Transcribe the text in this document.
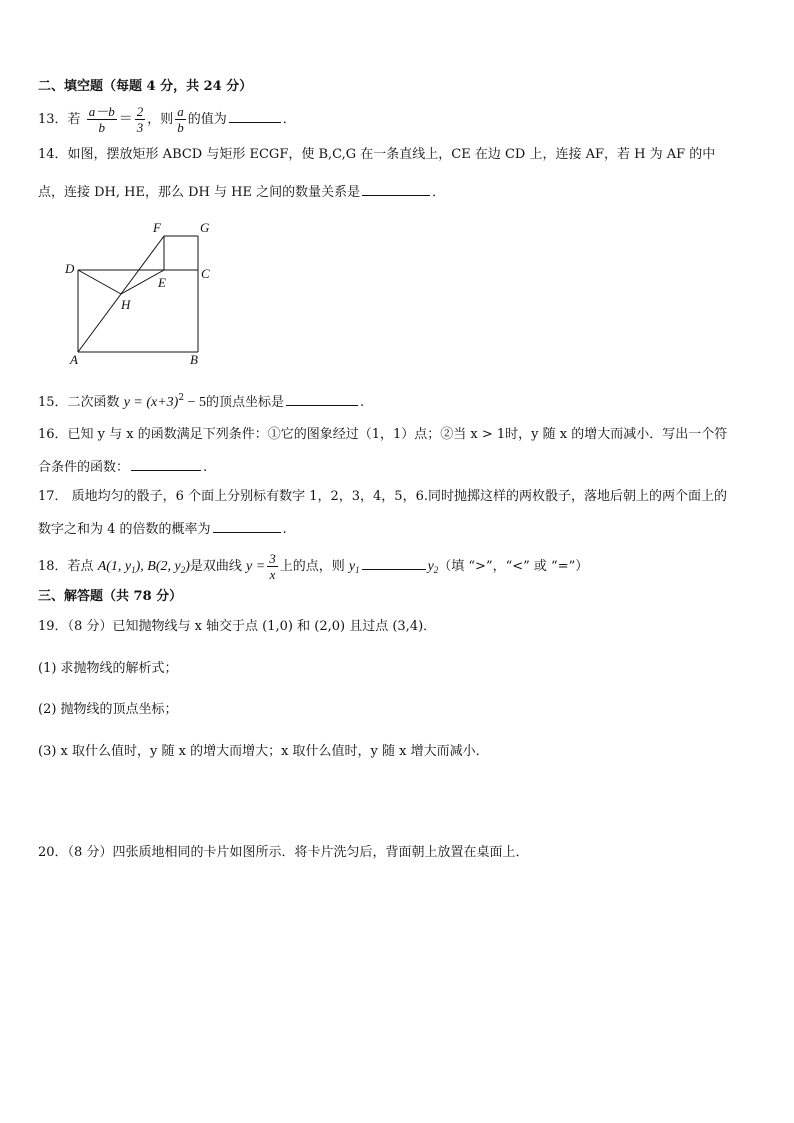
二、填空题（每题 4 分，共 24 分）
13．若 $\frac{a-b}{b} = \frac{2}{3}$ ，则 $\frac{a}{b}$ 的值为	．
14．如图，摆放矩形 ABCD 与矩形 ECGF，使 B,C,G 在一条直线上，CE 在边 CD 上，连接 AF，若 H 为 AF 的中
点，连接 DH, HE，那么 DH 与 HE 之间的数量关系是	．
F	G
D	C
E
H
A	B
15．二次函数 $y = (x+3)^2 - 5$的顶点坐标是	.
16．已知 y 与 x 的函数满足下列条件：①它的图象经过（1，1）点；②当 x > 1时，y 随 x 的增大而减小．写出一个符
合条件的函数：	.
17． 质地均匀的骰子，6 个面上分别标有数字 1，2，3，4，5，6.同时抛掷这样的两枚骰子，落地后朝上的两个面上的
数字之和为 4 的倍数的概率为	.
18．若点 A(1, $y_1$), B(2, $y_2$)是双曲线 $y = \frac{3}{x}$ 上的点，则 $y_1$	$y_2$（填 “>”，“<” 或 “=”）
三、解答题（共 78 分）
19．（8 分）已知抛物线与 x 轴交于点 (1,0) 和 (2,0) 且过点 (3,4)．
(1) 求抛物线的解析式；
(2) 抛物线的顶点坐标；
(3) x 取什么值时，y 随 x 的增大而增大；x 取什么值时，y 随 x 增大而减小．
20．（8 分）四张质地相同的卡片如图所示．将卡片洗匀后，背面朝上放置在桌面上．
